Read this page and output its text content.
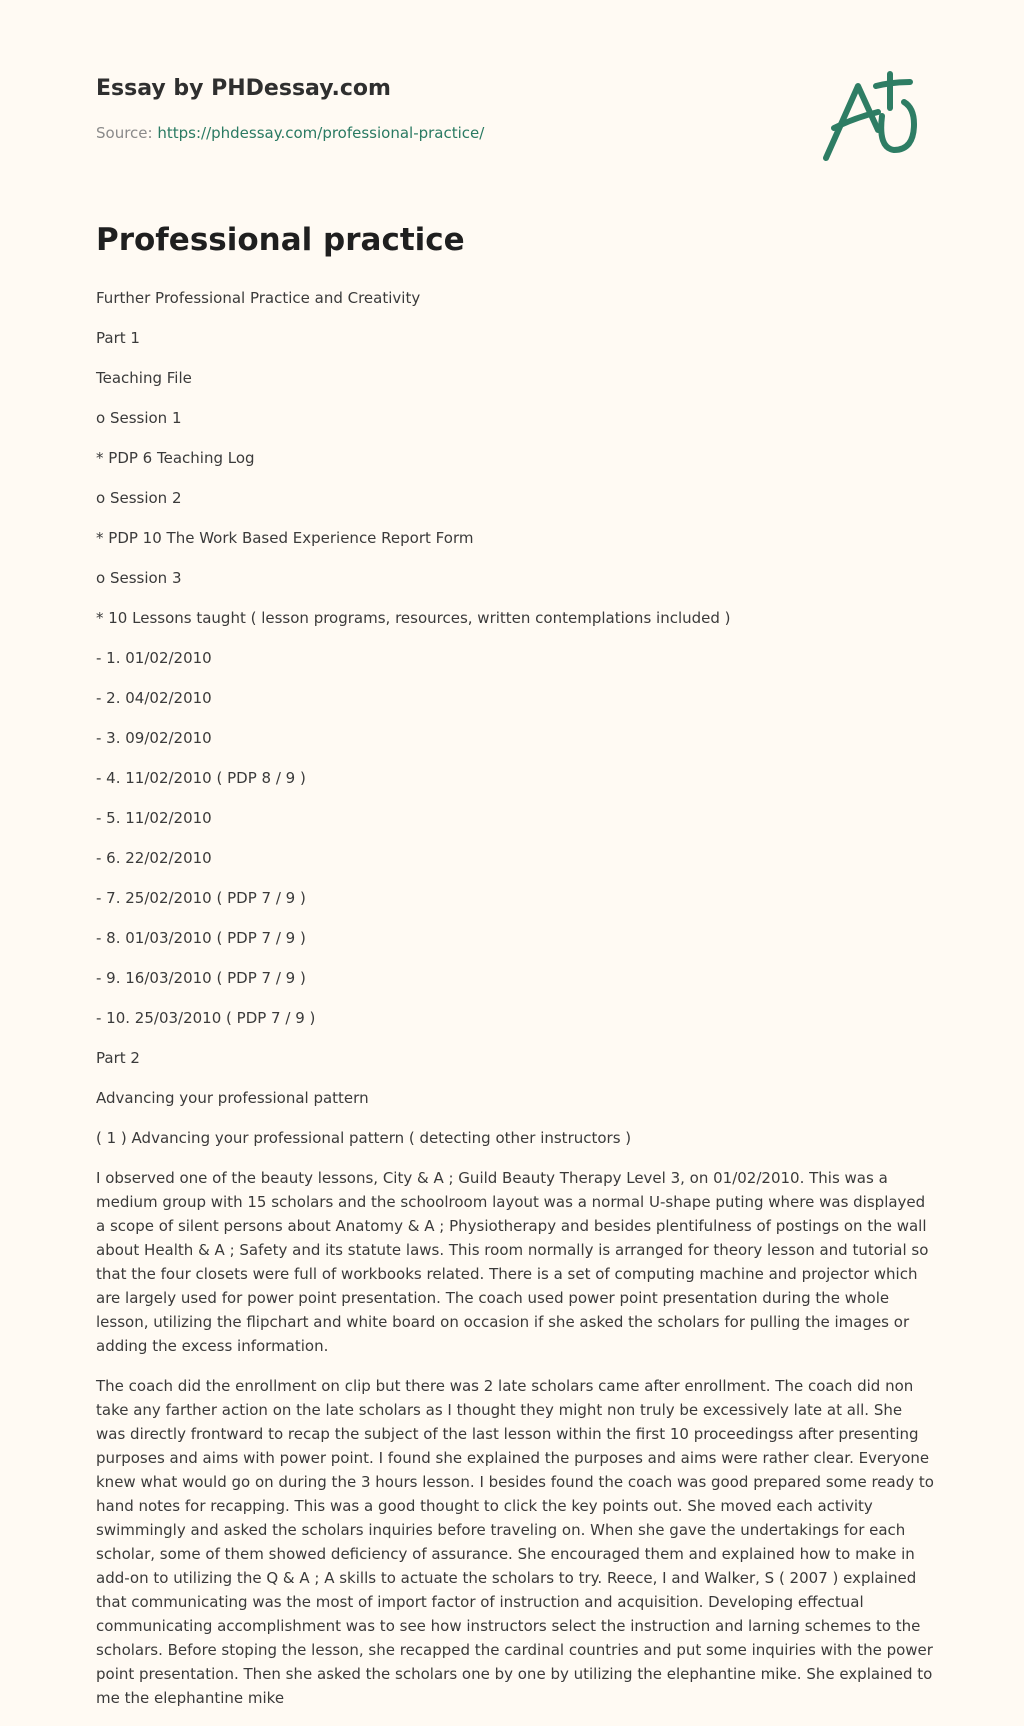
Essay by PHDessay.com
Source: https://phdessay.com/professional-practice/
Professional practice

Further Professional Practice and Creativity

Part 1

Teaching File

o Session 1

* PDP 6 Teaching Log

o Session 2

* PDP 10 The Work Based Experience Report Form

o Session 3

* 10 Lessons taught ( lesson programs, resources, written contemplations included )

- 1. 01/02/2010

- 2. 04/02/2010

- 3. 09/02/2010

- 4. 11/02/2010 ( PDP 8 / 9 )

- 5. 11/02/2010

- 6. 22/02/2010

- 7. 25/02/2010 ( PDP 7 / 9 )

- 8. 01/03/2010 ( PDP 7 / 9 )

- 9. 16/03/2010 ( PDP 7 / 9 )

- 10. 25/03/2010 ( PDP 7 / 9 )

Part 2

Advancing your professional pattern

( 1 ) Advancing your professional pattern ( detecting other instructors )

I observed one of the beauty lessons, City & A ; Guild Beauty Therapy Level 3, on 01/02/2010. This was a medium group with 15 scholars and the schoolroom layout was a normal U-shape puting where was displayed a scope of silent persons about Anatomy & A ; Physiotherapy and besides plentifulness of postings on the wall about Health & A ; Safety and its statute laws. This room normally is arranged for theory lesson and tutorial so that the four closets were full of workbooks related. There is a set of computing machine and projector which are largely used for power point presentation. The coach used power point presentation during the whole lesson, utilizing the flipchart and white board on occasion if she asked the scholars for pulling the images or adding the excess information.

The coach did the enrollment on clip but there was 2 late scholars came after enrollment. The coach did non take any farther action on the late scholars as I thought they might non truly be excessively late at all. She was directly frontward to recap the subject of the last lesson within the first 10 proceedingss after presenting purposes and aims with power point. I found she explained the purposes and aims were rather clear. Everyone knew what would go on during the 3 hours lesson. I besides found the coach was good prepared some ready to hand notes for recapping. This was a good thought to click the key points out. She moved each activity swimmingly and asked the scholars inquiries before traveling on. When she gave the undertakings for each scholar, some of them showed deficiency of assurance. She encouraged them and explained how to make in add-on to utilizing the Q & A ; A skills to actuate the scholars to try. Reece, I and Walker, S ( 2007 ) explained that communicating was the most of import factor of instruction and acquisition. Developing effectual communicating accomplishment was to see how instructors select the instruction and larning schemes to the scholars. Before stoping the lesson, she recapped the cardinal countries and put some inquiries with the power point presentation. Then she asked the scholars one by one by utilizing the elephantine mike. She explained to me the elephantine mike
